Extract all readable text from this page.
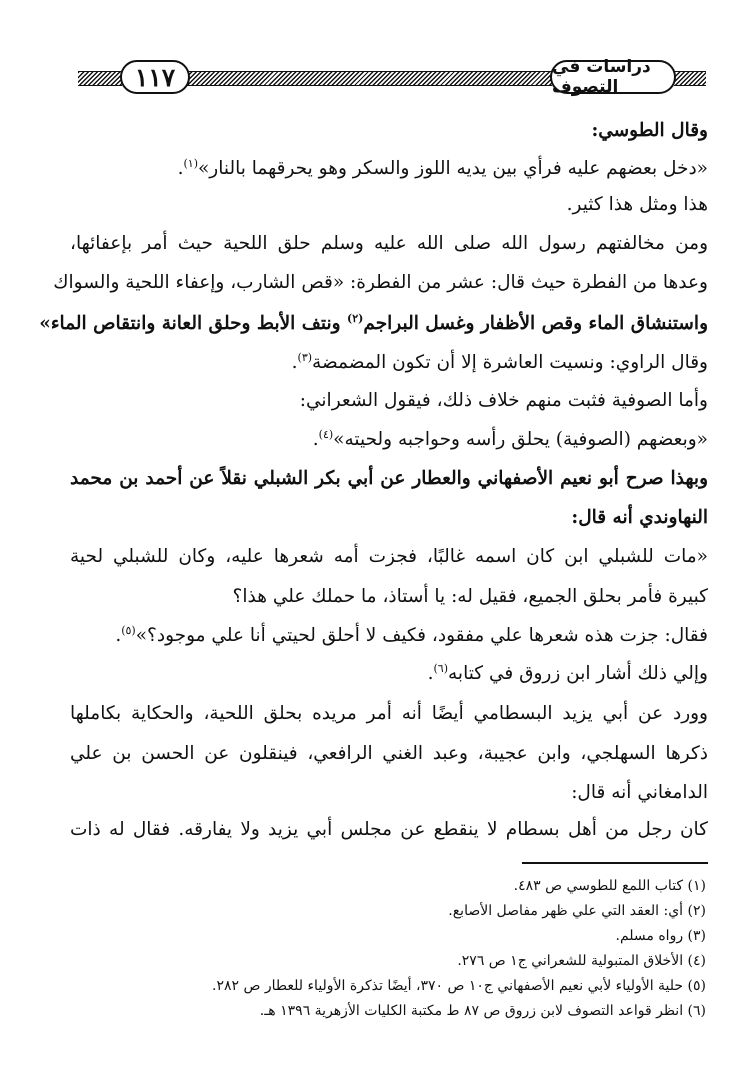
١١٧	دراسات في التصوف
وقال الطوسي:
«دخل بعضهم عليه فرأي بين يديه اللوز والسكر وهو يحرقهما بالنار»$^{(١)}$.
هذا ومثل هذا كثير.
ومن مخالفتهم رسول الله صلى الله عليه وسلم حلق اللحية حيث أمر بإعفائها،
وعدها من الفطرة حيث قال: عشر من الفطرة: «قص الشارب، وإعفاء اللحية والسواك
واستنشاق الماء وقص الأظفار وغسل البراجم$^{(٢)}$ ونتف الأبط وحلق العانة وانتقاص الماء»
وقال الراوي: ونسيت العاشرة إلا أن تكون المضمضة$^{(٣)}$.
وأما الصوفية فثبت منهم خلاف ذلك، فيقول الشعراني:
«وبعضهم (الصوفية) يحلق رأسه وحواجبه ولحيته»$^{(٤)}$.
وبهذا صرح أبو نعيم الأصفهاني والعطار عن أبي بكر الشبلي نقلاً عن أحمد بن محمد
النهاوندي أنه قال:
«مات للشبلي ابن كان اسمه غالبًا، فجزت أمه شعرها عليه، وكان للشبلي لحية
كبيرة فأمر بحلق الجميع، فقيل له: يا أستاذ، ما حملك علي هذا؟
فقال: جزت هذه شعرها علي مفقود، فكيف لا أحلق لحيتي أنا علي موجود؟»$^{(٥)}$.
وإلي ذلك أشار ابن زروق في كتابه$^{(٦)}$.
وورد عن أبي يزيد البسطامي أيضًا أنه أمر مريده بحلق اللحية، والحكاية بكاملها
ذكرها السهلجي، وابن عجيبة، وعبد الغني الرافعي، فينقلون عن الحسن بن علي
الدامغاني أنه قال:
كان رجل من أهل بسطام لا ينقطع عن مجلس أبي يزيد ولا يفارقه. فقال له ذات
(١) كتاب اللمع للطوسي ص ٤٨٣.
(٢) أي: العقد التي علي ظهر مفاصل الأصابع.
(٣) رواه مسلم.
(٤) الأخلاق المتبولية للشعراني ج١ ص ٢٧٦.
(٥) حلية الأولياء لأبي نعيم الأصفهاني ج١٠ ص ٣٧٠، أيضًا تذكرة الأولياء للعطار ص ٢٨٢.
(٦) انظر قواعد التصوف لابن زروق ص ٨٧ ط مكتبة الكليات الأزهرية ١٣٩٦ هـ.
